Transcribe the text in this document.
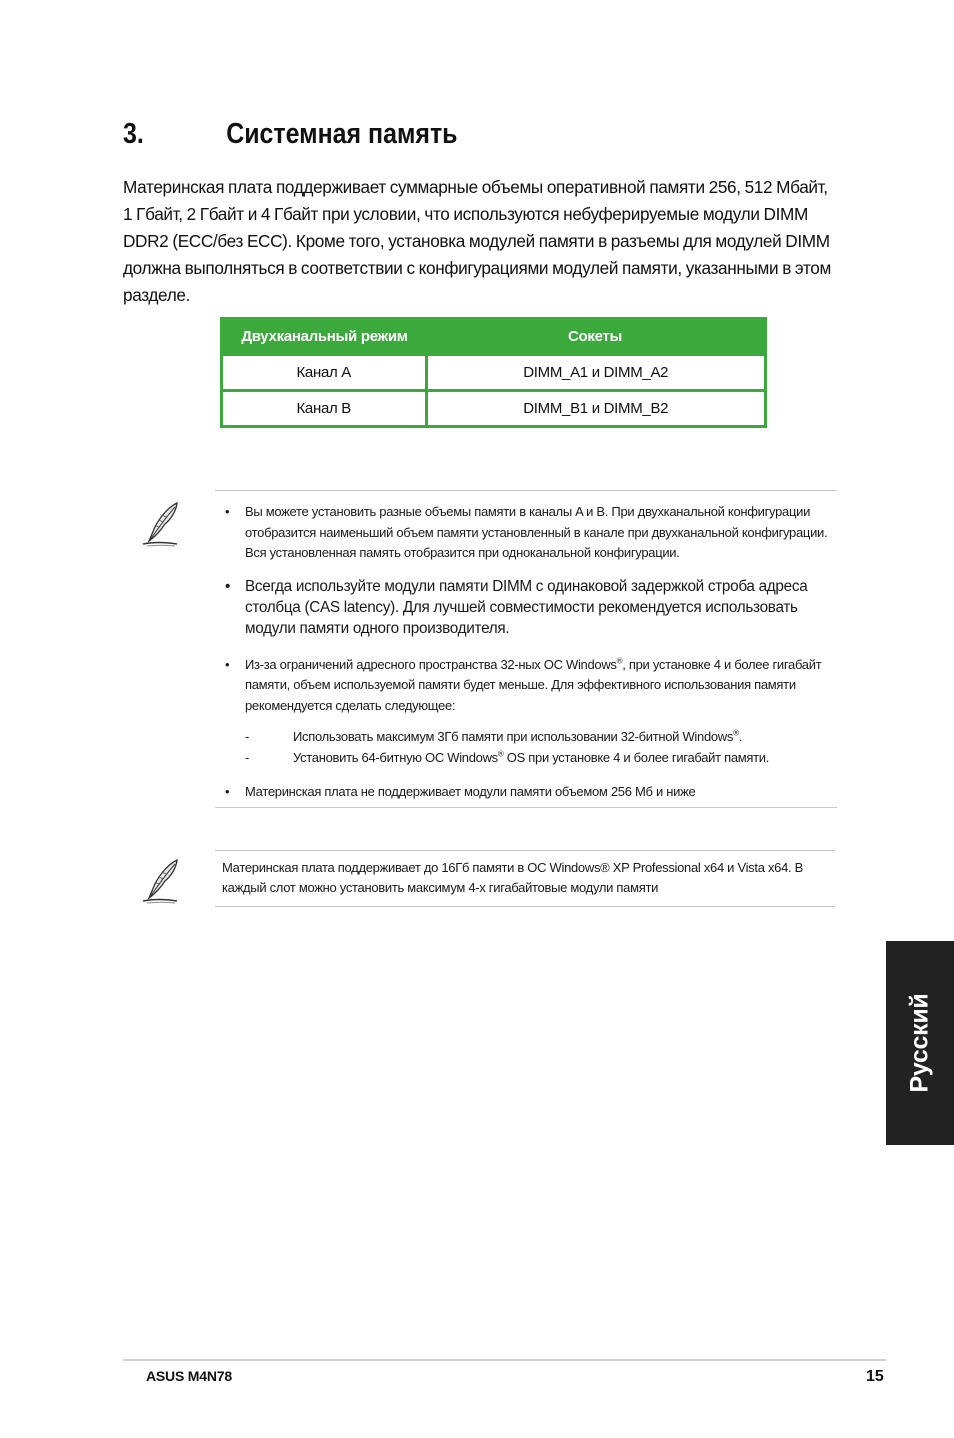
3.	Системная память

Материнская плата поддерживает суммарные объемы оперативной памяти 256, 512 Мбайт, 1 Гбайт, 2 Гбайт и 4 Гбайт при условии, что используются небуферируемые модули DIMM DDR2 (ECC/без ECC). Кроме того, установка модулей памяти в разъемы для модулей DIMM должна выполняться в соответствии с конфигурациями модулей памяти, указанными в этом разделе.

Двухканальный режим	Сокеты
Канал A	DIMM_A1 и DIMM_A2
Канал B	DIMM_B1 и DIMM_B2
• Вы можете установить разные объемы памяти в каналы A и B. При двухканальной конфигурации отобразится наименьший объем памяти установленный в канале при двухканальной конфигурации. Вся установленная память отобразится при одноканальной конфигурации.
• Всегда используйте модули памяти DIMM с одинаковой задержкой строба адреса столбца (CAS latency). Для лучшей совместимости рекомендуется использовать модули памяти одного производителя.
• Из-за ограничений адресного пространства 32-ных ОС Windows®, при установке 4 и более гигабайт памяти, объем используемой памяти будет меньше. Для эффективного использования памяти рекомендуется сделать следующее:
-	Использовать максимум 3Гб памяти при использовании 32-битной Windows®.
-	Установить 64-битную ОС Windows® OS при установке 4 и более гигабайт памяти.
• Материнская плата не поддерживает модули памяти объемом 256 Мб и ниже

Материнская плата поддерживает до 16Гб памяти в ОС Windows® XP Professional x64 и Vista x64. В каждый слот можно установить максимум 4-х гигабайтовые модули памяти

Русский
ASUS M4N78	15
